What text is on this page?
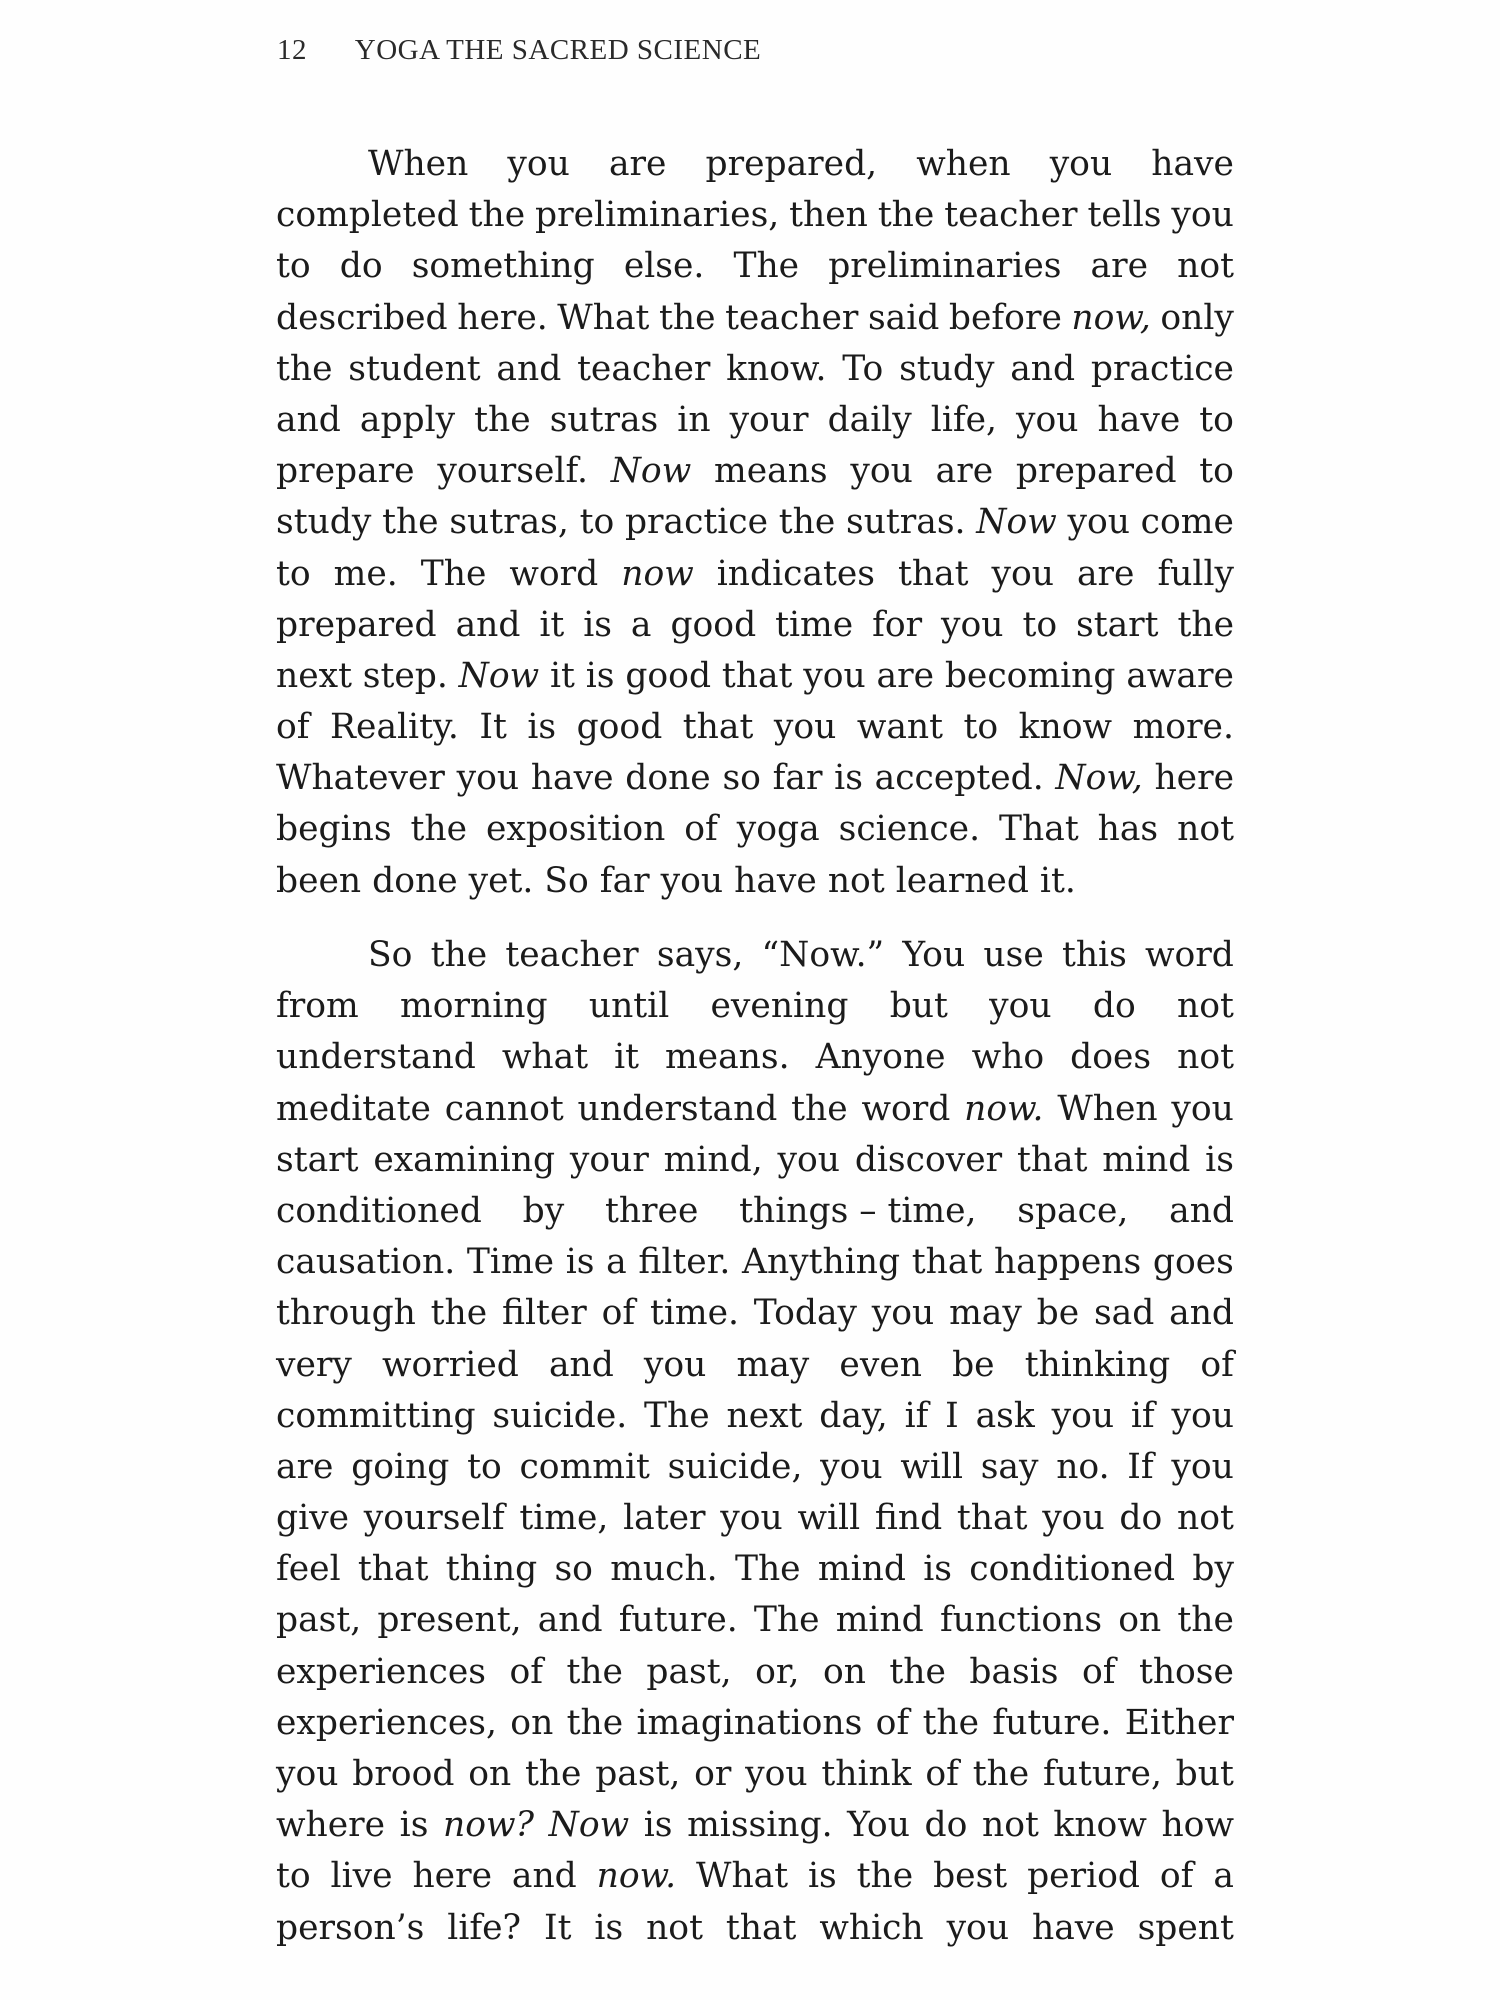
12 YOGA THE SACRED SCIENCE
When you are prepared, when you have
completed the preliminaries, then the teacher tells you
to do something else. The preliminaries are not
described here. What the teacher said before now, only
the student and teacher know. To study and practice
and apply the sutras in your daily life, you have to
prepare yourself. Now means you are prepared to
study the sutras, to practice the sutras. Now you come
to me. The word now indicates that you are fully
prepared and it is a good time for you to start the
next step. Now it is good that you are becoming aware
of Reality. It is good that you want to know more.
Whatever you have done so far is accepted. Now, here
begins the exposition of yoga science. That has not
been done yet. So far you have not learned it.
So the teacher says, “Now.” You use this word
from morning until evening but you do not
understand what it means. Anyone who does not
meditate cannot understand the word now. When you
start examining your mind, you discover that mind is
conditioned by three things – time, space, and
causation. Time is a filter. Anything that happens goes
through the filter of time. Today you may be sad and
very worried and you may even be thinking of
committing suicide. The next day, if I ask you if you
are going to commit suicide, you will say no. If you
give yourself time, later you will find that you do not
feel that thing so much. The mind is conditioned by
past, present, and future. The mind functions on the
experiences of the past, or, on the basis of those
experiences, on the imaginations of the future. Either
you brood on the past, or you think of the future, but
where is now? Now is missing. You do not know how
to live here and now. What is the best period of a
person’s life? It is not that which you have spent
